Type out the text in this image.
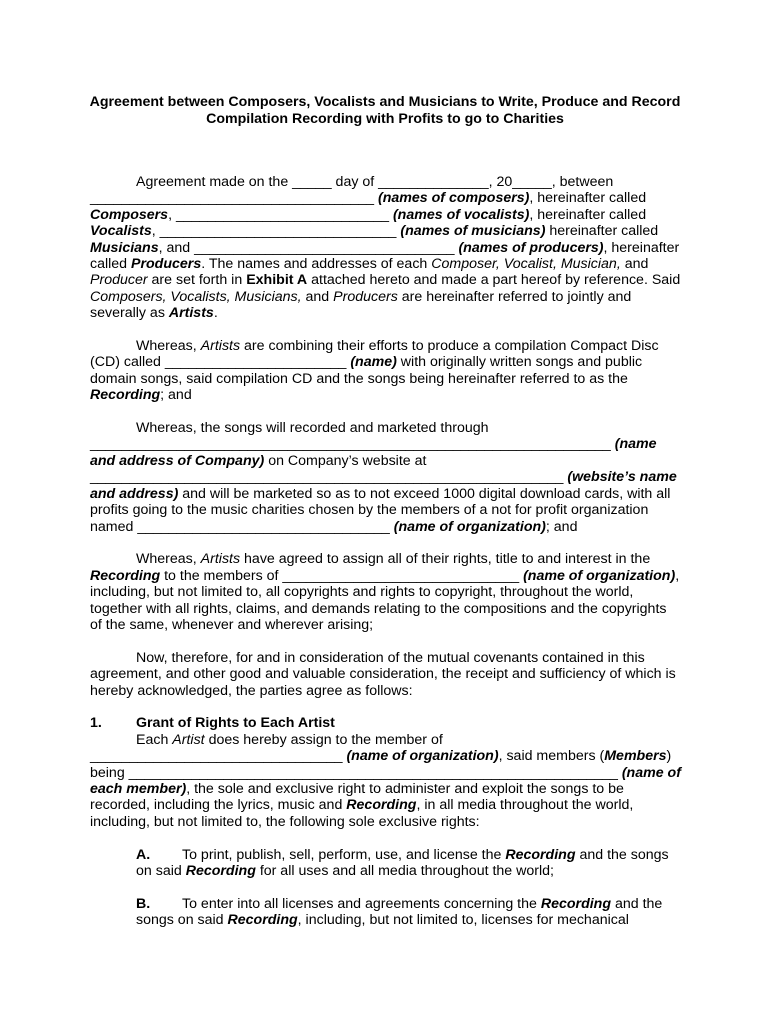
Agreement between Composers, Vocalists and Musicians to Write, Produce and Record Compilation Recording with Profits to go to Charities

Agreement made on the _____ day of ______________, 20_____, between ____________________________________ (names of composers), hereinafter called Composers, ___________________________ (names of vocalists), hereinafter called Vocalists, ______________________________ (names of musicians) hereinafter called Musicians, and _________________________________ (names of producers), hereinafter called Producers. The names and addresses of each Composer, Vocalist, Musician, and Producer are set forth in Exhibit A attached hereto and made a part hereof by reference. Said Composers, Vocalists, Musicians, and Producers are hereinafter referred to jointly and severally as Artists.

Whereas, Artists are combining their efforts to produce a compilation Compact Disc (CD) called _______________________ (name) with originally written songs and public domain songs, said compilation CD and the songs being hereinafter referred to as the Recording; and

Whereas, the songs will recorded and marketed through __________________________________________________________________ (name and address of Company) on Company’s website at ____________________________________________________________ (website’s name and address) and will be marketed so as to not exceed 1000 digital download cards, with all profits going to the music charities chosen by the members of a not for profit organization named ________________________________ (name of organization); and

Whereas, Artists have agreed to assign all of their rights, title to and interest in the Recording to the members of ______________________________ (name of organization), including, but not limited to, all copyrights and rights to copyright, throughout the world, together with all rights, claims, and demands relating to the compositions and the copyrights of the same, whenever and wherever arising;

Now, therefore, for and in consideration of the mutual covenants contained in this agreement, and other good and valuable consideration, the receipt and sufficiency of which is hereby acknowledged, the parties agree as follows:

1. Grant of Rights to Each Artist

Each Artist does hereby assign to the member of ________________________________ (name of organization), said members (Members) being ______________________________________________________________ (name of each member), the sole and exclusive right to administer and exploit the songs to be recorded, including the lyrics, music and Recording, in all media throughout the world, including, but not limited to, the following sole exclusive rights:

A. To print, publish, sell, perform, use, and license the Recording and the songs on said Recording for all uses and all media throughout the world;

B. To enter into all licenses and agreements concerning the Recording and the songs on said Recording, including, but not limited to, licenses for mechanical
